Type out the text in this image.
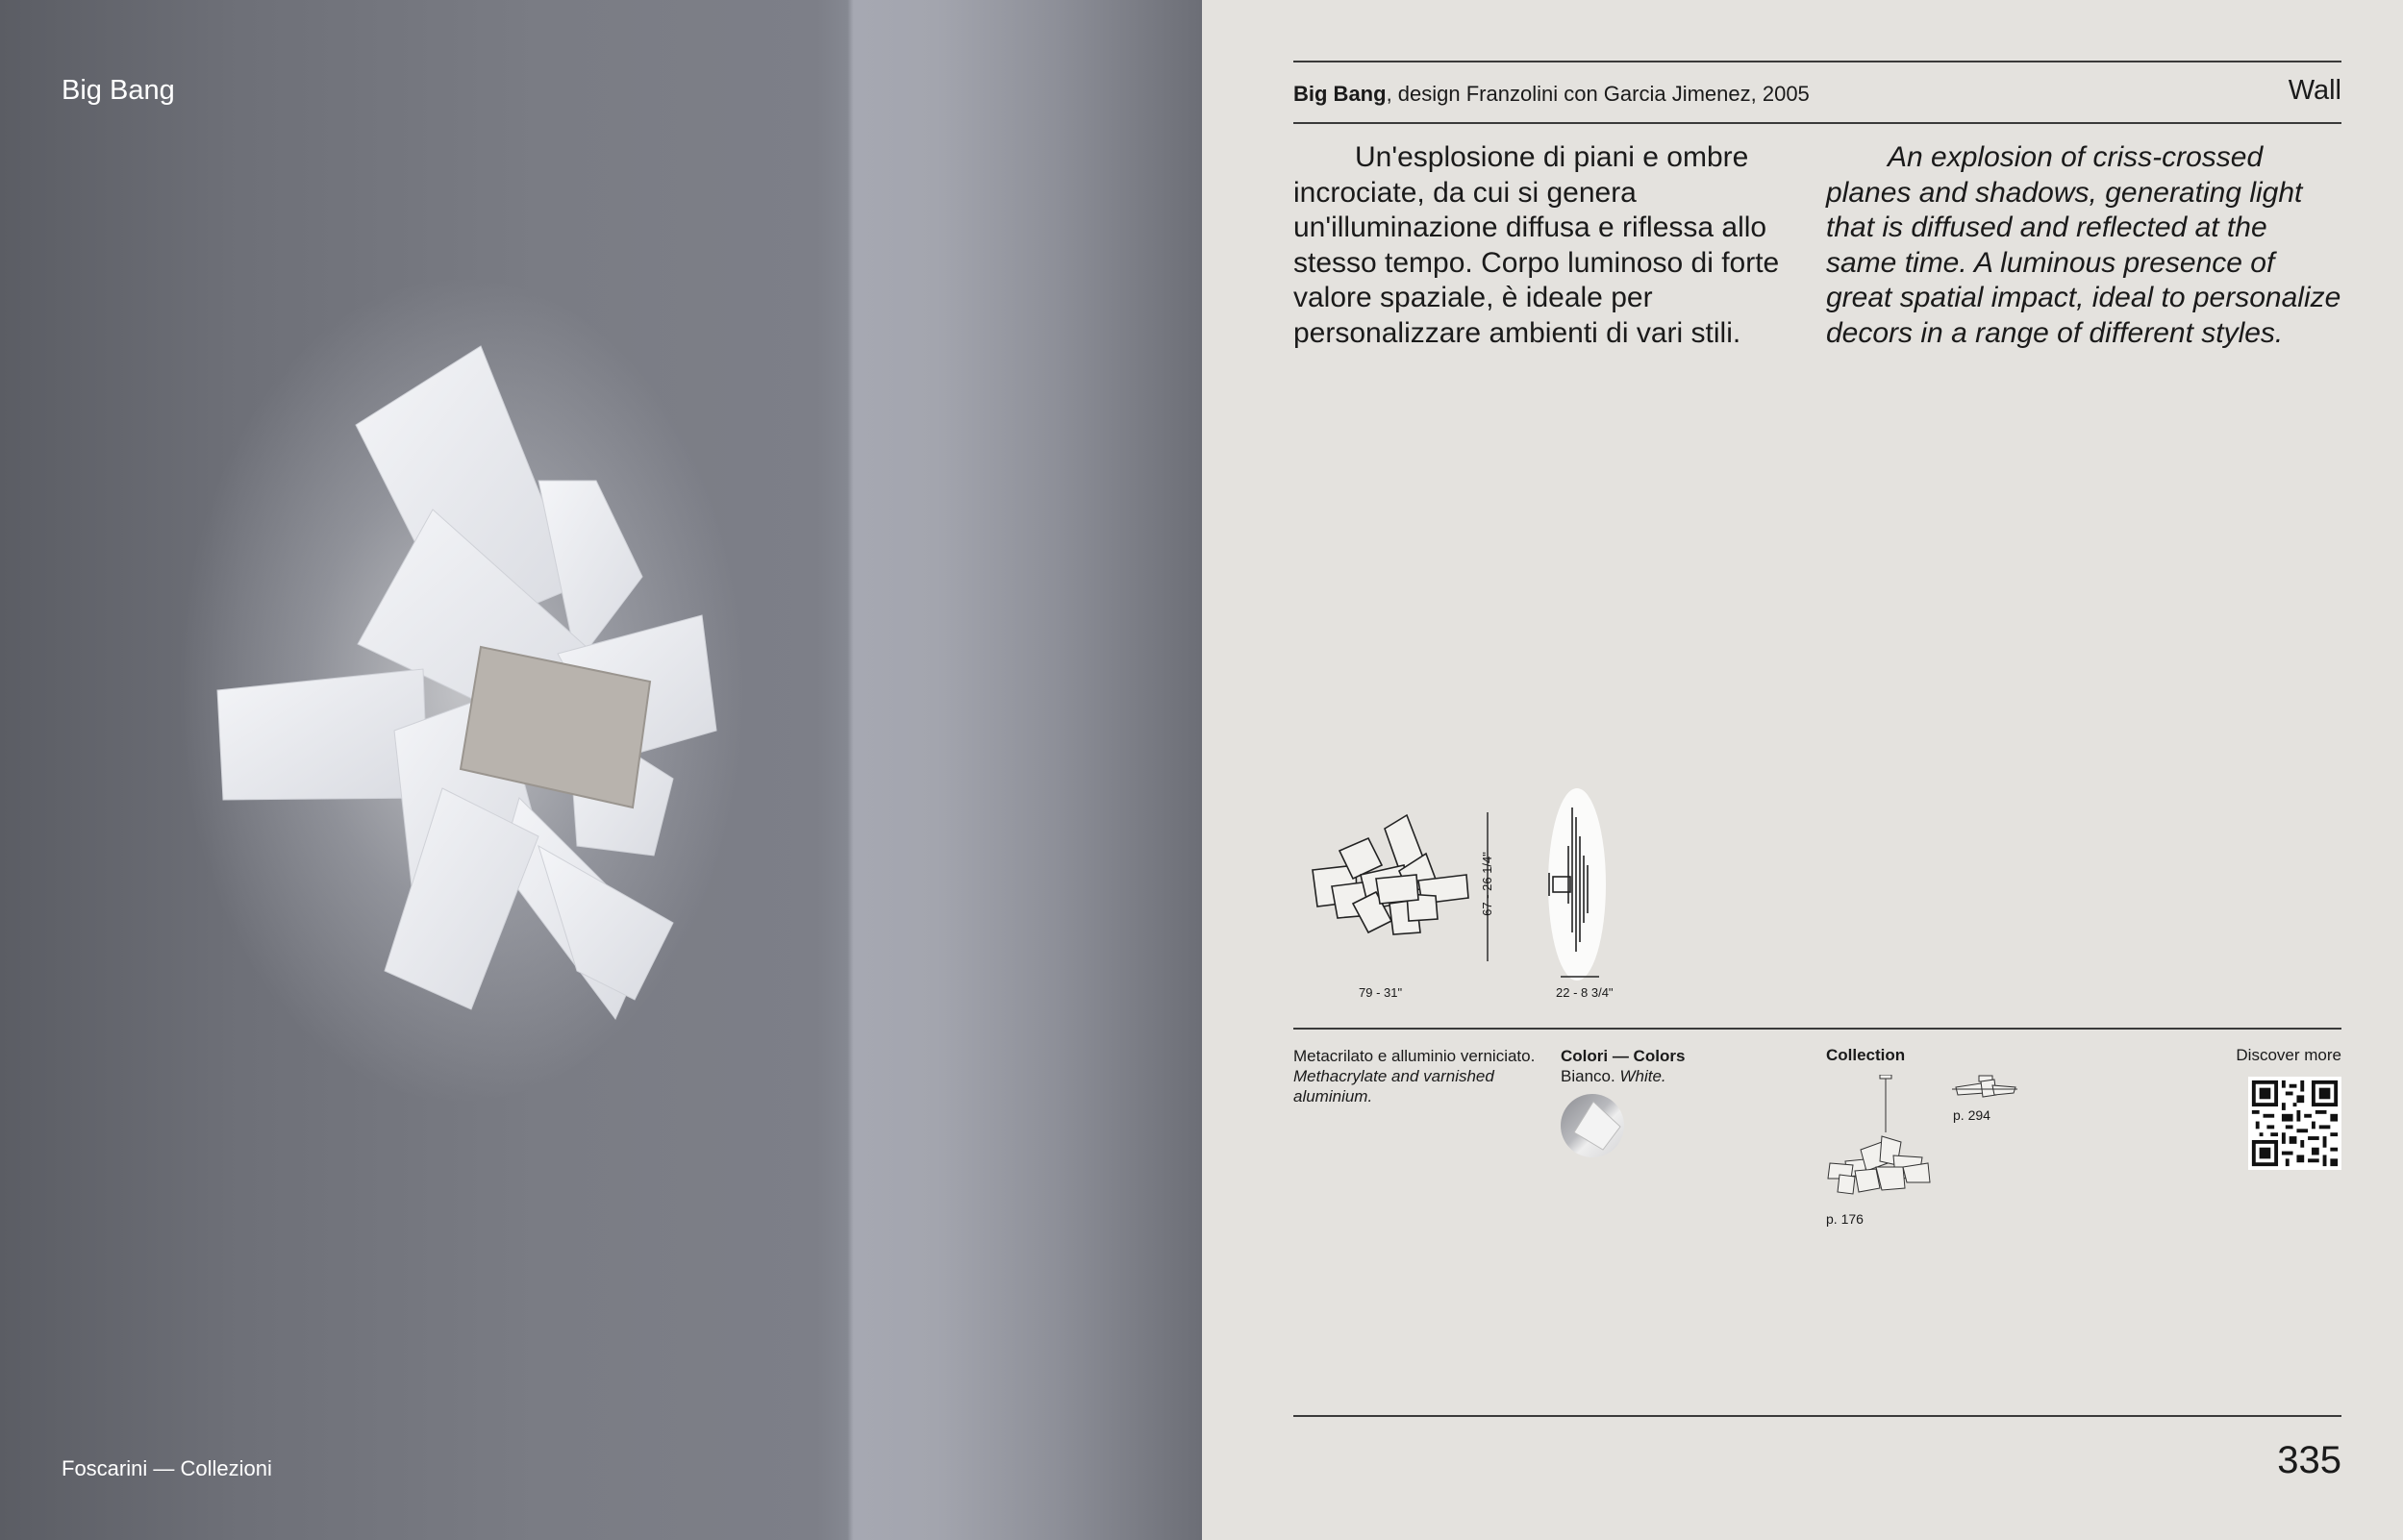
Big Bang
Foscarini — Collezioni
Big Bang, design Franzolini con Garcia Jimenez, 2005	Wall
Un'esplosione di piani e ombre incrociate, da cui si genera un'illuminazione diffusa e riflessa allo stesso tempo. Corpo luminoso di forte valore spaziale, è ideale per personalizzare ambienti di vari stili.
An explosion of criss-crossed planes and shadows, generating light that is diffused and reflected at the same time. A luminous presence of great spatial impact, ideal to personalize decors in a range of different styles.
79 - 31"
67 - 26 1/4"
22 - 8 3/4"
Metacrilato e alluminio verniciato.
Methacrylate and varnished aluminium.
Colori — Colors
Bianco. White.
Collection
p. 176
p. 294
Discover more
335
